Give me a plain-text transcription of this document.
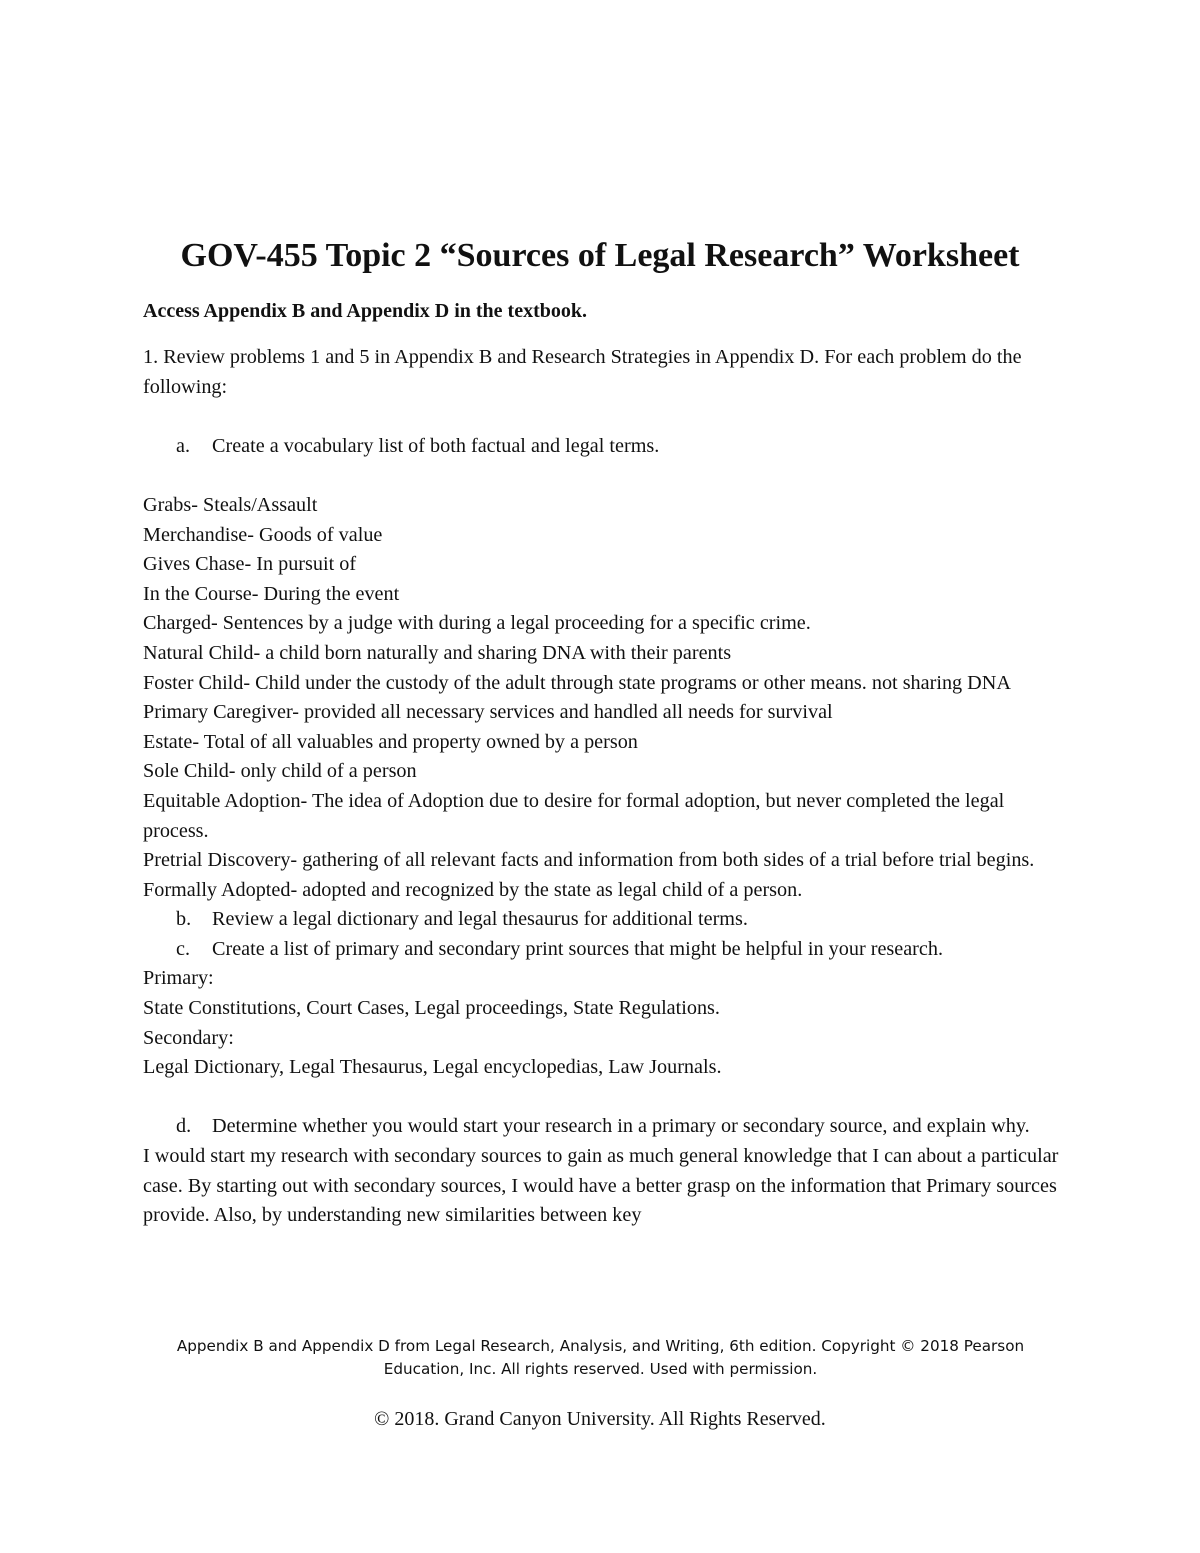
GOV-455 Topic 2 “Sources of Legal Research” Worksheet
Access Appendix B and Appendix D in the textbook.

1. Review problems 1 and 5 in Appendix B and Research Strategies in Appendix D. For each problem do the following:

a. Create a vocabulary list of both factual and legal terms.

Grabs- Steals/Assault

Merchandise- Goods of value

Gives Chase- In pursuit of

In the Course- During the event

Charged- Sentences by a judge with during a legal proceeding for a specific crime.

Natural Child- a child born naturally and sharing DNA with their parents

Foster Child- Child under the custody of the adult through state programs or other means. not sharing DNA

Primary Caregiver- provided all necessary services and handled all needs for survival

Estate- Total of all valuables and property owned by a person

Sole Child- only child of a person

Equitable Adoption- The idea of Adoption due to desire for formal adoption, but never completed the legal process.

Pretrial Discovery- gathering of all relevant facts and information from both sides of a trial before trial begins.

Formally Adopted- adopted and recognized by the state as legal child of a person.

b. Review a legal dictionary and legal thesaurus for additional terms.

c. Create a list of primary and secondary print sources that might be helpful in your research.

Primary:

State Constitutions, Court Cases, Legal proceedings, State Regulations.

Secondary:

Legal Dictionary, Legal Thesaurus, Legal encyclopedias, Law Journals.

d. Determine whether you would start your research in a primary or secondary source, and explain why.

I would start my research with secondary sources to gain as much general knowledge that I can about a particular case. By starting out with secondary sources, I would have a better grasp on the information that Primary sources provide. Also, by understanding new similarities between key

Appendix B and Appendix D from Legal Research, Analysis, and Writing, 6th edition. Copyright © 2018 Pearson Education, Inc. All rights reserved. Used with permission.
© 2018. Grand Canyon University. All Rights Reserved.
